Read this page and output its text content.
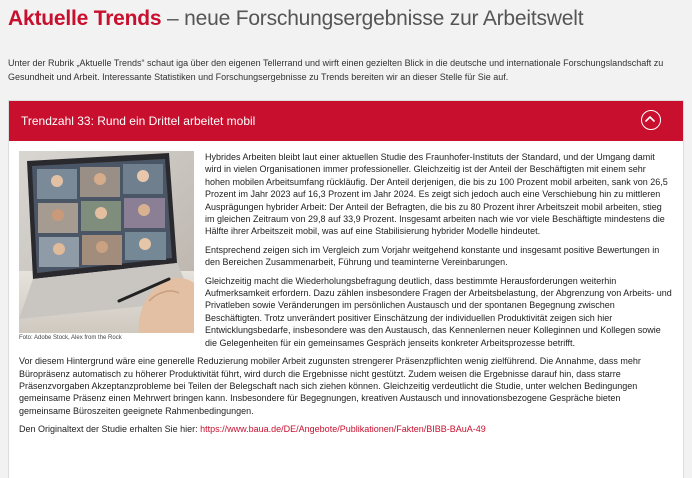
Aktuelle Trends – neue Forschungsergebnisse zur Arbeitswelt
Unter der Rubrik „Aktuelle Trends“ schaut iga über den eigenen Tellerrand und wirft einen gezielten Blick in die deutsche und internationale Forschungslandschaft zu Gesundheit und Arbeit. Interessante Statistiken und Forschungsergebnisse zu Trends bereiten wir an dieser Stelle für Sie auf.
Trendzahl 33: Rund ein Drittel arbeitet mobil
Foto: Adobe Stock, Alex from the Rock

Hybrides Arbeiten bleibt laut einer aktuellen Studie des Fraunhofer-Instituts der Standard, und der Umgang damit wird in vielen Organisationen immer professioneller. Gleichzeitig ist der Anteil der Beschäftigten mit einem sehr hohen mobilen Arbeitsumfang rückläufig. Der Anteil derjenigen, die bis zu 100 Prozent mobil arbeiten, sank von 26,5 Prozent im Jahr 2023 auf 16,3 Prozent im Jahr 2024. Es zeigt sich jedoch auch eine Verschiebung hin zu mittleren Ausprägungen hybrider Arbeit: Der Anteil der Befragten, die bis zu 80 Prozent ihrer Arbeitszeit mobil arbeiten, stieg im gleichen Zeitraum von 29,8 auf 33,9 Prozent. Insgesamt arbeiten nach wie vor viele Beschäftigte mindestens die Hälfte ihrer Arbeitszeit mobil, was auf eine Stabilisierung hybrider Modelle hindeutet.

Entsprechend zeigen sich im Vergleich zum Vorjahr weitgehend konstante und insgesamt positive Bewertungen in den Bereichen Zusammenarbeit, Führung und teaminterne Vereinbarungen.

Gleichzeitig macht die Wiederholungsbefragung deutlich, dass bestimmte Herausforderungen weiterhin Aufmerksamkeit erfordern. Dazu zählen insbesondere Fragen der Arbeitsbelastung, der Abgrenzung von Arbeits- und Privatleben sowie Veränderungen im persönlichen Austausch und der spontanen Begegnung zwischen Beschäftigten. Trotz unverändert positiver Einschätzung der individuellen Produktivität zeigen sich hier Entwicklungsbedarfe, insbesondere was den Austausch, das Kennenlernen neuer Kolleginnen und Kollegen sowie die Gelegenheiten für ein gemeinsames Gespräch jenseits konkreter Arbeitsprozesse betrifft.

Vor diesem Hintergrund wäre eine generelle Reduzierung mobiler Arbeit zugunsten strengerer Präsenzpflichten wenig zielführend. Die Annahme, dass mehr Büropräsenz automatisch zu höherer Produktivität führt, wird durch die Ergebnisse nicht gestützt. Zudem weisen die Ergebnisse darauf hin, dass starre Präsenzvorgaben Akzeptanzprobleme bei Teilen der Belegschaft nach sich ziehen können. Gleichzeitig verdeutlicht die Studie, unter welchen Bedingungen gemeinsame Präsenz einen Mehrwert bringen kann. Insbesondere für Begegnungen, kreativen Austausch und innovationsbezogene Gespräche bieten gemeinsame Büroszeiten geeignete Rahmenbedingungen.

Den Originaltext der Studie erhalten Sie hier: https://www.baua.de/DE/Angebote/Publikationen/Fakten/BIBB-BAuA-49
